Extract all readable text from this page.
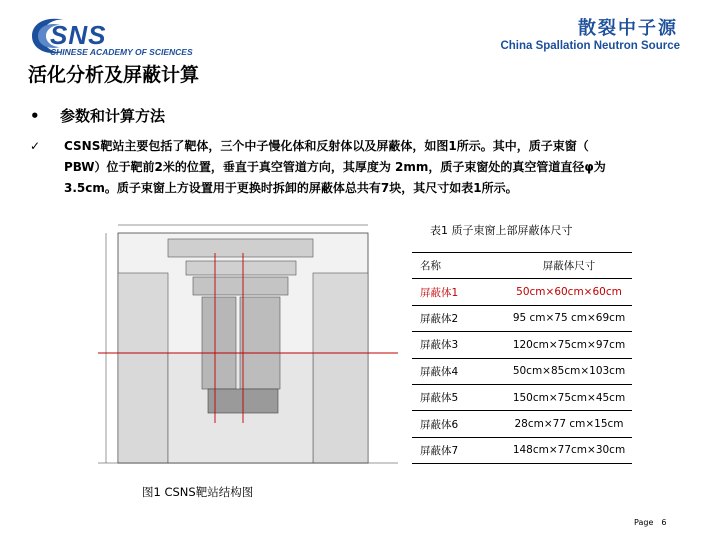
SNS
CHINESE ACADEMY OF SCIENCES
散裂中子源
China Spallation Neutron Source
活化分析及屏蔽计算
• 参数和计算方法
✓ CSNS靶站主要包括了靶体，三个中子慢化体和反射体以及屏蔽体，如图1所示。其中，质子束窗（
PBW）位于靶前2米的位置，垂直于真空管道方向，其厚度为 2mm，质子束窗处的真空管道直径φ为
3.5cm。质子束窗上方设置用于更换时拆卸的屏蔽体总共有7块，其尺寸如表1所示。
表1 质子束窗上部屏蔽体尺寸
名称	屏蔽体尺寸
屏蔽体1	50cm×60cm×60cm
屏蔽体2	95 cm×75 cm×69cm
屏蔽体3	120cm×75cm×97cm
屏蔽体4	50cm×85cm×103cm
屏蔽体5	150cm×75cm×45cm
屏蔽体6	28cm×77 cm×15cm
屏蔽体7	148cm×77cm×30cm
图1 CSNS靶站结构图
Page 6
